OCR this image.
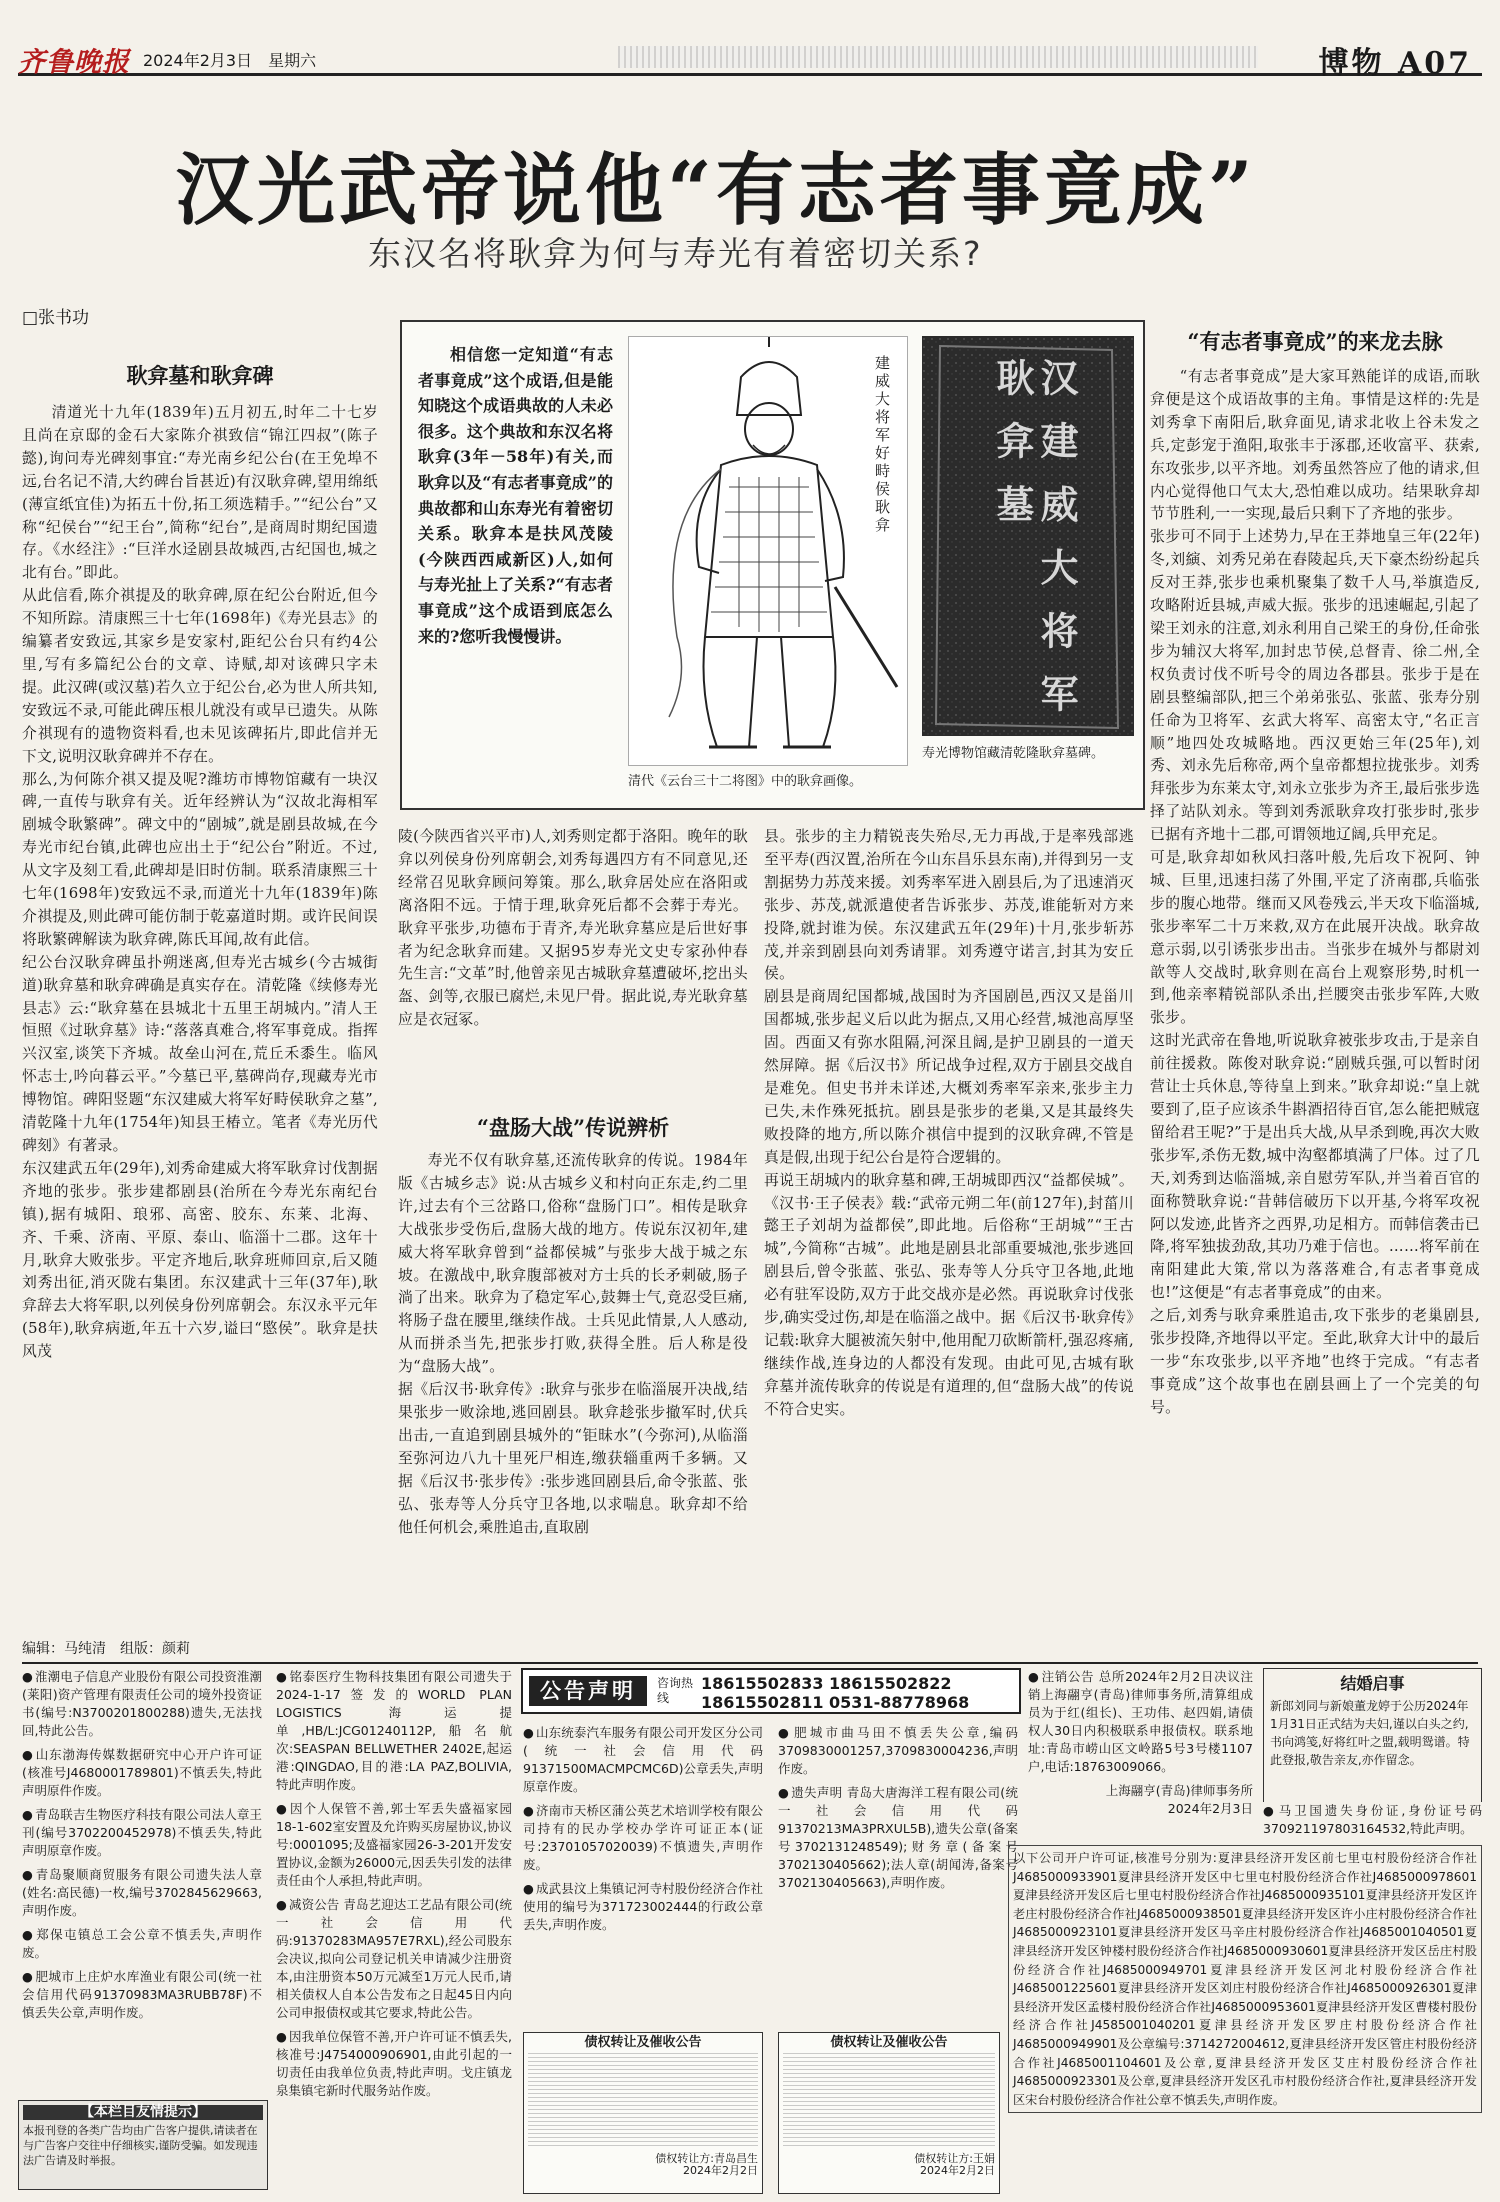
齐鲁晚报 2024年2月3日　星期六	博物 A07
汉光武帝说他“有志者事竟成”
东汉名将耿弇为何与寿光有着密切关系?
□张书功
耿弇墓和耿弇碑
清道光十九年(1839年)五月初五,时年二十七岁且尚在京邸的金石大家陈介祺致信“锦江四叔”(陈子懿),询问寿光碑刻事宜:“寿光南乡纪公台(在王免埠不远,台名记不清,大约碑台旨甚近)有汉耿弇碑,望用绵纸(薄宣纸宜佳)为拓五十份,拓工须选精手。”“纪公台”又称“纪侯台”“纪王台”,简称“纪台”,是商周时期纪国遗存。《水经注》:“巨洋水迳剧县故城西,古纪国也,城之北有台。”即此。
从此信看,陈介祺提及的耿弇碑,原在纪公台附近,但今不知所踪。清康熙三十七年(1698年)《寿光县志》的编纂者安致远,其家乡是安家村,距纪公台只有约4公里,写有多篇纪公台的文章、诗赋,却对该碑只字未提。此汉碑(或汉墓)若久立于纪公台,必为世人所共知,安致远不录,可能此碑压根儿就没有或早已遗失。从陈介祺现有的遗物资料看,也未见该碑拓片,即此信并无下文,说明汉耿弇碑并不存在。
那么,为何陈介祺又提及呢?潍坊市博物馆藏有一块汉碑,一直传与耿弇有关。近年经辨认为“汉故北海相军剧城令耿繁碑”。碑文中的“剧城”,就是剧县故城,在今寿光市纪台镇,此碑也应出土于“纪公台”附近。不过,从文字及刻工看,此碑却是旧时仿制。联系清康熙三十七年(1698年)安致远不录,而道光十九年(1839年)陈介祺提及,则此碑可能仿制于乾嘉道时期。或许民间误将耿繁碑解读为耿弇碑,陈氏耳闻,故有此信。
纪公台汉耿弇碑虽扑朔迷离,但寿光古城乡(今古城街道)耿弇墓和耿弇碑确是真实存在。清乾隆《续修寿光县志》云:“耿弇墓在县城北十五里王胡城内。”清人王恒照《过耿弇墓》诗:“落落真难合,将军事竟成。指挥兴汉室,谈笑下齐城。故垒山河在,荒丘禾黍生。临风怀志士,吟向暮云平。”今墓已平,墓碑尚存,现藏寿光市博物馆。碑阳竖题“东汉建威大将军好畤侯耿弇之墓”,清乾隆十九年(1754年)知县王椿立。笔者《寿光历代碑刻》有著录。
东汉建武五年(29年),刘秀命建威大将军耿弇讨伐割据齐地的张步。张步建都剧县(治所在今寿光东南纪台镇),据有城阳、琅邪、高密、胶东、东莱、北海、齐、千乘、济南、平原、泰山、临淄十二郡。这年十月,耿弇大败张步。平定齐地后,耿弇班师回京,后又随刘秀出征,消灭陇右集团。东汉建武十三年(37年),耿弇辞去大将军职,以列侯身份列席朝会。东汉永平元年(58年),耿弇病逝,年五十六岁,谥曰“愍侯”。耿弇是扶风茂
相信您一定知道“有志者事竟成”这个成语,但是能知晓这个成语典故的人未必很多。这个典故和东汉名将耿弇(3年－58年)有关,而耿弇以及“有志者事竟成”的典故都和山东寿光有着密切关系。耿弇本是扶风茂陵(今陕西西咸新区)人,如何与寿光扯上了关系?“有志者事竟成”这个成语到底怎么来的?您听我慢慢讲。
建威大将军好畤侯耿弇
清代《云台三十二将图》中的耿弇画像。
汉 建 威 大 将 军 耿 弇 墓
寿光博物馆藏清乾隆耿弇墓碑。
陵(今陕西省兴平市)人,刘秀则定都于洛阳。晚年的耿弇以列侯身份列席朝会,刘秀每遇四方有不同意见,还经常召见耿弇顾问筹策。那么,耿弇居处应在洛阳或离洛阳不远。于情于理,耿弇死后都不会葬于寿光。耿弇平张步,功德布于青齐,寿光耿弇墓应是后世好事者为纪念耿弇而建。又据95岁寿光文史专家孙仲春先生言:“文革”时,他曾亲见古城耿弇墓遭破坏,挖出头盔、剑等,衣服已腐烂,未见尸骨。据此说,寿光耿弇墓应是衣冠冢。
“盘肠大战”传说辨析
寿光不仅有耿弇墓,还流传耿弇的传说。1984年版《古城乡志》说:从古城乡义和村向正东走,约二里许,过去有个三岔路口,俗称“盘肠门口”。相传是耿弇大战张步受伤后,盘肠大战的地方。传说东汉初年,建威大将军耿弇曾到“益都侯城”与张步大战于城之东坡。在激战中,耿弇腹部被对方士兵的长矛刺破,肠子淌了出来。耿弇为了稳定军心,鼓舞士气,竟忍受巨痛,将肠子盘在腰里,继续作战。士兵见此情景,人人感动,从而拼杀当先,把张步打败,获得全胜。后人称是役为“盘肠大战”。
据《后汉书·耿弇传》:耿弇与张步在临淄展开决战,结果张步一败涂地,逃回剧县。耿弇趁张步撤军时,伏兵出击,一直追到剧县城外的“钜昧水”(今弥河),从临淄至弥河边八九十里死尸相连,缴获辎重两千多辆。又据《后汉书·张步传》:张步逃回剧县后,命令张蓝、张弘、张寿等人分兵守卫各地,以求喘息。耿弇却不给他任何机会,乘胜追击,直取剧
县。张步的主力精锐丧失殆尽,无力再战,于是率残部逃至平寿(西汉置,治所在今山东昌乐县东南),并得到另一支割据势力苏茂来援。刘秀率军进入剧县后,为了迅速消灭张步、苏茂,就派遣使者告诉张步、苏茂,谁能斩对方来投降,就封谁为侯。东汉建武五年(29年)十月,张步斩苏茂,并亲到剧县向刘秀请罪。刘秀遵守诺言,封其为安丘侯。
剧县是商周纪国都城,战国时为齐国剧邑,西汉又是甾川国都城,张步起义后以此为据点,又用心经营,城池高厚坚固。西面又有弥水阻隔,河深且阔,是护卫剧县的一道天然屏障。据《后汉书》所记战争过程,双方于剧县交战自是难免。但史书并未详述,大概刘秀率军亲来,张步主力已失,未作殊死抵抗。剧县是张步的老巢,又是其最终失败投降的地方,所以陈介祺信中提到的汉耿弇碑,不管是真是假,出现于纪公台是符合逻辑的。
再说王胡城内的耿弇墓和碑,王胡城即西汉“益都侯城”。《汉书·王子侯表》载:“武帝元朔二年(前127年),封菑川懿王子刘胡为益都侯”,即此地。后俗称“王胡城”“王古城”,今简称“古城”。此地是剧县北部重要城池,张步逃回剧县后,曾令张蓝、张弘、张寿等人分兵守卫各地,此地必有驻军设防,双方于此交战亦是必然。再说耿弇讨伐张步,确实受过伤,却是在临淄之战中。据《后汉书·耿弇传》记载:耿弇大腿被流矢射中,他用配刀砍断箭杆,强忍疼痛,继续作战,连身边的人都没有发现。由此可见,古城有耿弇墓并流传耿弇的传说是有道理的,但“盘肠大战”的传说不符合史实。
“有志者事竟成”的来龙去脉
“有志者事竟成”是大家耳熟能详的成语,而耿弇便是这个成语故事的主角。事情是这样的:先是刘秀拿下南阳后,耿弇面见,请求北收上谷未发之兵,定彭宠于渔阳,取张丰于涿郡,还收富平、获索,东攻张步,以平齐地。刘秀虽然答应了他的请求,但内心觉得他口气太大,恐怕难以成功。结果耿弇却节节胜利,一一实现,最后只剩下了齐地的张步。
张步可不同于上述势力,早在王莽地皇三年(22年)冬,刘縯、刘秀兄弟在舂陵起兵,天下豪杰纷纷起兵反对王莽,张步也乘机聚集了数千人马,举旗造反,攻略附近县城,声威大振。张步的迅速崛起,引起了梁王刘永的注意,刘永利用自己梁王的身份,任命张步为辅汉大将军,加封忠节侯,总督青、徐二州,全权负责讨伐不听号令的周边各郡县。张步于是在剧县整编部队,把三个弟弟张弘、张蓝、张寿分别任命为卫将军、玄武大将军、高密太守,“名正言顺”地四处攻城略地。西汉更始三年(25年),刘秀、刘永先后称帝,两个皇帝都想拉拢张步。刘秀拜张步为东莱太守,刘永立张步为齐王,最后张步选择了站队刘永。等到刘秀派耿弇攻打张步时,张步已据有齐地十二郡,可谓领地辽阔,兵甲充足。
可是,耿弇却如秋风扫落叶般,先后攻下祝阿、钟城、巨里,迅速扫荡了外围,平定了济南郡,兵临张步的腹心地带。继而又风卷残云,半天攻下临淄城,张步率军二十万来救,双方在此展开决战。耿弇故意示弱,以引诱张步出击。当张步在城外与都尉刘歆等人交战时,耿弇则在高台上观察形势,时机一到,他亲率精锐部队杀出,拦腰突击张步军阵,大败张步。
这时光武帝在鲁地,听说耿弇被张步攻击,于是亲自前往援救。陈俊对耿弇说:“剧贼兵强,可以暂时闭营让士兵休息,等待皇上到来。”耿弇却说:“皇上就要到了,臣子应该杀牛斟酒招待百官,怎么能把贼寇留给君王呢?”于是出兵大战,从早杀到晚,再次大败张步军,杀伤无数,城中沟壑都填满了尸体。过了几天,刘秀到达临淄城,亲自慰劳军队,并当着百官的面称赞耿弇说:“昔韩信破历下以开基,今将军攻祝阿以发迹,此皆齐之西界,功足相方。而韩信袭击已降,将军独拔劲敌,其功乃难于信也。……将军前在南阳建此大策,常以为落落难合,有志者事竟成也!”这便是“有志者事竟成”的由来。
之后,刘秀与耿弇乘胜追击,攻下张步的老巢剧县,张步投降,齐地得以平定。至此,耿弇大计中的最后一步“东攻张步,以平齐地”也终于完成。“有志者事竟成”这个故事也在剧县画上了一个完美的句号。
编辑：马纯清　组版：颜莉

● 淮潮电子信息产业股份有限公司投资淮潮(莱阳)资产管理有限责任公司的境外投资证书(编号:N3700201800288)遗失,无法找回,特此公告。

● 山东渤海传媒数据研究中心开户许可证(核准号J4680001789801)不慎丢失,特此声明原件作废。

● 青岛联吉生物医疗科技有限公司法人章王刊(编号3702200452978)不慎丢失,特此声明原章作废。

● 青岛聚顺商贸服务有限公司遗失法人章(姓名:高民德)一枚,编号3702845629663,声明作废。

● 郑保屯镇总工会公章不慎丢失,声明作废。

● 肥城市上庄炉水库渔业有限公司(统一社会信用代码91370983MA3RUBB78F)不慎丢失公章,声明作废。

【本栏目友情提示】
本报刊登的各类广告均由广告客户提供,请读者在与广告客户交往中仔细核实,谨防受骗。如发现违法广告请及时举报。

● 铭泰医疗生物科技集团有限公司遗失于2024-1-17签发的WORLD PLAN LOGISTICS 海运提单,HB/L:JCG01240112P,船名航次:SEASPAN BELLWETHER 2402E,起运港:QINGDAO,目的港:LA PAZ,BOLIVIA,特此声明作废。

● 因个人保管不善,郭士军丢失盛福家园18-1-602室安置及允许购买房屋协议,协议号:0001095;及盛福家园26-3-201开发安置协议,金额为26000元,因丢失引发的法律责任由个人承担,特此声明。

● 减资公告 青岛艺迎达工艺品有限公司(统一社会信用代码:91370283MA957E7RXL),经公司股东会决议,拟向公司登记机关申请减少注册资本,由注册资本50万元减至1万元人民币,请相关债权人自本公告发布之日起45日内向公司申报债权或其它要求,特此公告。

● 因我单位保管不善,开户许可证不慎丢失,核准号:J4754000906901,由此引起的一切责任由我单位负责,特此声明。戈庄镇龙泉集镇宅新时代服务站作废。

公告声明	咨询热线
18615502833 18615502822
18615502811 0531-88778968

● 山东统泰汽车服务有限公司开发区分公司(统一社会信用代码91371500MACMPCMC6D)公章丢失,声明原章作废。

● 济南市天桥区蒲公英艺术培训学校有限公司持有的民办学校办学许可证正本(证号:23701057020039)不慎遗失,声明作废。

● 成武县汶上集镇记河寺村股份经济合作社使用的编号为371723002444的行政公章丢失,声明作废。

● 肥城市曲马田不慎丢失公章,编码3709830001257,3709830004236,声明作废。

● 遗失声明 青岛大唐海洋工程有限公司(统一社会信用代码91370213MA3PRXUL5B),遗失公章(备案号3702131248549);财务章(备案号3702130405662);法人章(胡闻涛,备案号3702130405663),声明作废。

债权转让及催收公告
债权转让方:青岛昌生
2024年2月2日
债权转让及催收公告
债权转让方:王娟
2024年2月2日

● 注销公告 总所2024年2月2日决议注销上海翮亨(青岛)律师事务所,清算组成员为于红(组长)、王功伟、赵四娟,请债权人30日内积极联系申报债权。联系地址:青岛市崂山区文岭路5号3号楼1107户,电话:18763009066。

上海翮亨(青岛)律师事务所
2024年2月3日
结婚启事
新郎刘同与新娘董龙婷于公历2024年1月31日正式结为夫妇,谨以白头之约,书向鸿笺,好将红叶之盟,载明鸳谱。特此登报,敬告亲友,亦作留念。

● 马卫国遗失身份证,身份证号码370921197803164532,特此声明。

以下公司开户许可证,核准号分别为:夏津县经济开发区前七里屯村股份经济合作社J4685000933901夏津县经济开发区中七里屯村股份经济合作社J4685000978601夏津县经济开发区后七里屯村股份经济合作社J4685000935101夏津县经济开发区许老庄村股份经济合作社J4685000938501夏津县经济开发区许小庄村股份经济合作社J4685000923101夏津县经济开发区马辛庄村股份经济合作社J4685001040501夏津县经济开发区钟楼村股份经济合作社J4685000930601夏津县经济开发区岳庄村股份经济合作社J4685000949701夏津县经济开发区河北村股份经济合作社J4685001225601夏津县经济开发区刘庄村股份经济合作社J4685000926301夏津县经济开发区孟楼村股份经济合作社J4685000953601夏津县经济开发区曹楼村股份经济合作社J4585001040201夏津县经济开发区罗庄村股份经济合作社J4685000949901及公章编号:3714272004612,夏津县经济开发区管庄村股份经济合作社J4685001104601及公章,夏津县经济开发区艾庄村股份经济合作社J4685000923301及公章,夏津县经济开发区孔市村股份经济合作社,夏津县经济开发区宋台村股份经济合作社公章不慎丢失,声明作废。
